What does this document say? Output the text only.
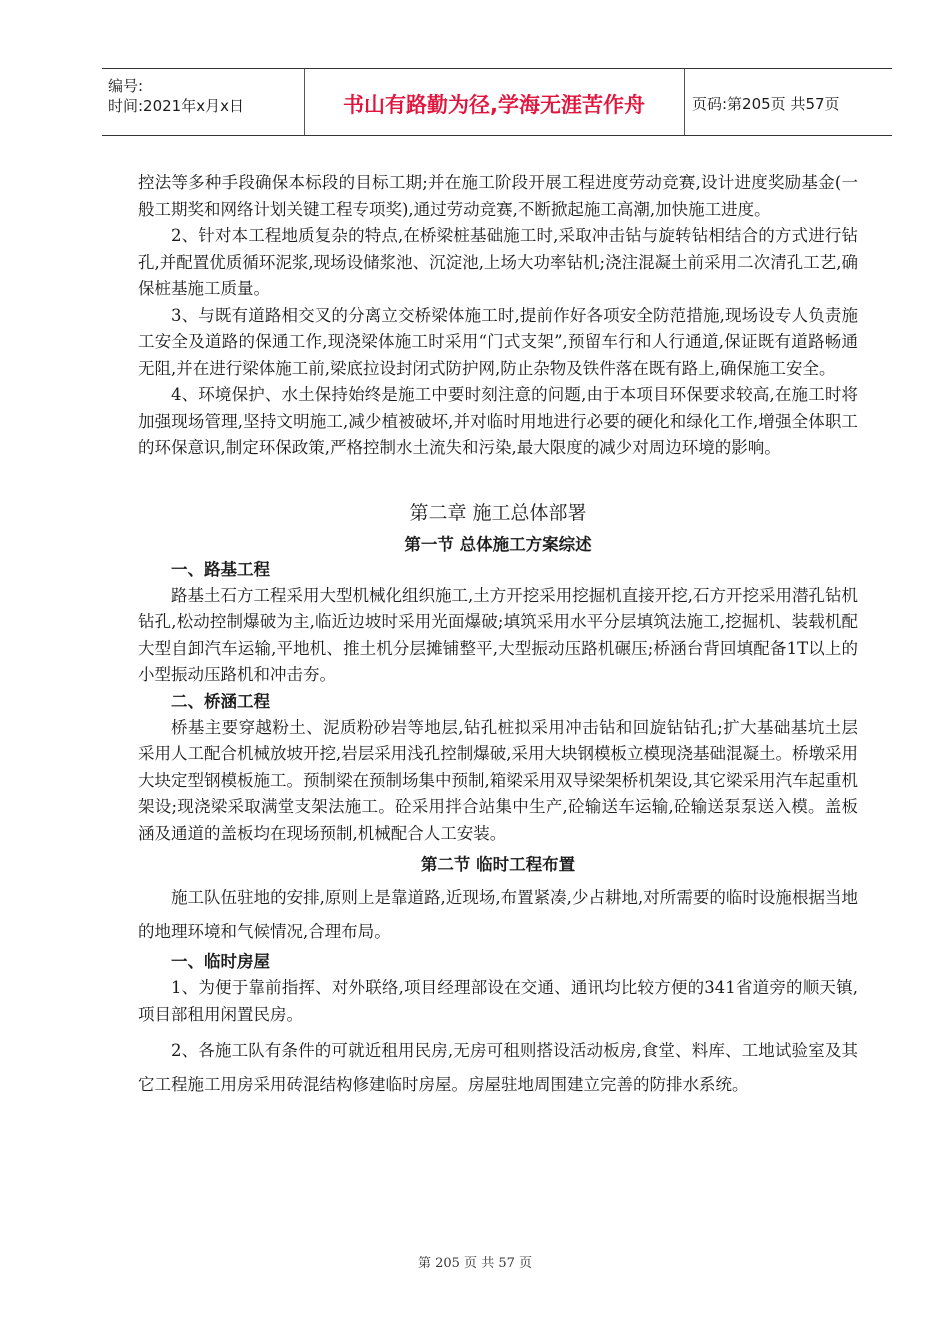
编号:
时间:2021年x月x日	书山有路勤为径,学海无涯苦作舟	页码:第205页 共57页

控法等多种手段确保本标段的目标工期;并在施工阶段开展工程进度劳动竞赛,设计进度奖励基金(一般工期奖和网络计划关键工程专项奖),通过劳动竞赛,不断掀起施工高潮,加快施工进度。

2、针对本工程地质复杂的特点,在桥梁桩基础施工时,采取冲击钻与旋转钻相结合的方式进行钻孔,并配置优质循环泥浆,现场设储浆池、沉淀池,上场大功率钻机;浇注混凝土前采用二次清孔工艺,确保桩基施工质量。

3、与既有道路相交叉的分离立交桥梁体施工时,提前作好各项安全防范措施,现场设专人负责施工安全及道路的保通工作,现浇梁体施工时采用“门式支架”,预留车行和人行通道,保证既有道路畅通无阻,并在进行梁体施工前,梁底拉设封闭式防护网,防止杂物及铁件落在既有路上,确保施工安全。

4、环境保护、水土保持始终是施工中要时刻注意的问题,由于本项目环保要求较高,在施工时将加强现场管理,坚持文明施工,减少植被破坏,并对临时用地进行必要的硬化和绿化工作,增强全体职工的环保意识,制定环保政策,严格控制水土流失和污染,最大限度的减少对周边环境的影响。

第二章 施工总体部署
第一节 总体施工方案综述
一、路基工程

路基土石方工程采用大型机械化组织施工,土方开挖采用挖掘机直接开挖,石方开挖采用潜孔钻机钻孔,松动控制爆破为主,临近边坡时采用光面爆破;填筑采用水平分层填筑法施工,挖掘机、装载机配大型自卸汽车运输,平地机、推土机分层摊铺整平,大型振动压路机碾压;桥涵台背回填配备1T以上的小型振动压路机和冲击夯。

二、桥涵工程

桥基主要穿越粉土、泥质粉砂岩等地层,钻孔桩拟采用冲击钻和回旋钻钻孔;扩大基础基坑土层采用人工配合机械放坡开挖,岩层采用浅孔控制爆破,采用大块钢模板立模现浇基础混凝土。桥墩采用大块定型钢模板施工。预制梁在预制场集中预制,箱梁采用双导梁架桥机架设,其它梁采用汽车起重机架设;现浇梁采取满堂支架法施工。砼采用拌合站集中生产,砼输送车运输,砼输送泵泵送入模。盖板涵及通道的盖板均在现场预制,机械配合人工安装。

第二节 临时工程布置

施工队伍驻地的安排,原则上是靠道路,近现场,布置紧凑,少占耕地,对所需要的临时设施根据当地的地理环境和气候情况,合理布局。

一、临时房屋

1、为便于靠前指挥、对外联络,项目经理部设在交通、通讯均比较方便的341省道旁的顺天镇,项目部租用闲置民房。

2、各施工队有条件的可就近租用民房,无房可租则搭设活动板房,食堂、料库、工地试验室及其它工程施工用房采用砖混结构修建临时房屋。房屋驻地周围建立完善的防排水系统。

第 205 页 共 57 页
